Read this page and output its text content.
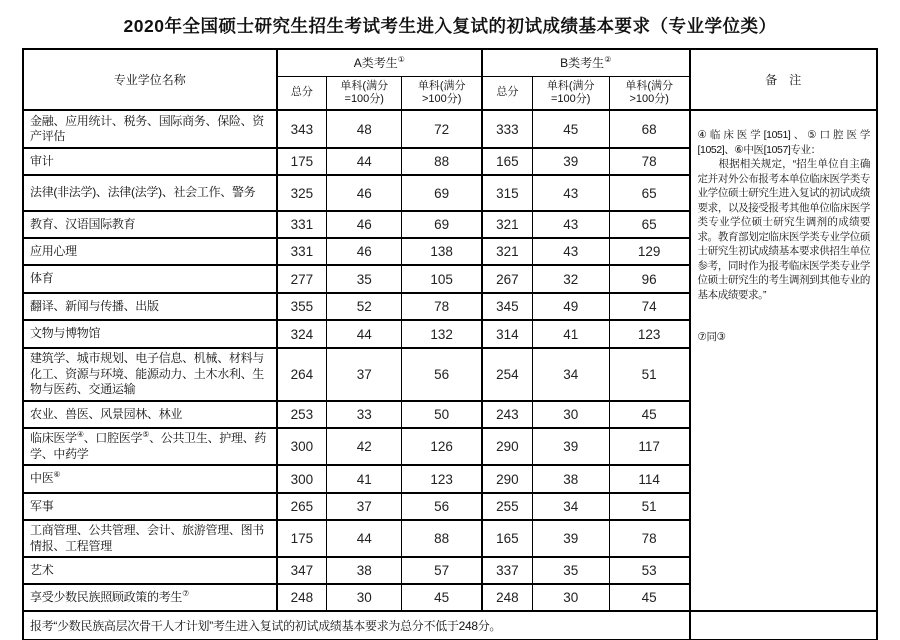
2020年全国硕士研究生招生考试考生进入复试的初试成绩基本要求（专业学位类）
专业学位名称	A类考生①			B类考生②			备　注
	总分	单科(满分=100分)	单科(满分>100分)	总分	单科(满分=100分)	单科(满分>100分)	
金融、应用统计、税务、国际商务、保险、资产评估	343	48	72	333	45	68	④临床医学[1051]、⑤口腔医学[1052]、⑥中医[1057]专业：

根据相关规定，“招生单位自主确定并对外公布报考本单位临床医学类专业学位硕士研究生进入复试的初试成绩要求，以及接受报考其他单位临床医学类专业学位硕士研究生调剂的成绩要求。教育部划定临床医学类专业学位硕士研究生初试成绩基本要求供招生单位参考，同时作为报考临床医学类专业学位硕士研究生的考生调剂到其他专业的基本成绩要求。”

⑦同③

审计	175	44	88	165	39	78	
法律(非法学)、法律(法学)、社会工作、警务	325	46	69	315	43	65	
教育、汉语国际教育	331	46	69	321	43	65	
应用心理	331	46	138	321	43	129	
体育	277	35	105	267	32	96	
翻译、新闻与传播、出版	355	52	78	345	49	74	
文物与博物馆	324	44	132	314	41	123	
建筑学、城市规划、电子信息、机械、材料与化工、资源与环境、能源动力、土木水利、生物与医药、交通运输	264	37	56	254	34	51	
农业、兽医、风景园林、林业	253	33	50	243	30	45	
临床医学④、口腔医学⑤、公共卫生、护理、药学、中药学	300	42	126	290	39	117	
中医⑥	300	41	123	290	38	114	
军事	265	37	56	255	34	51	
工商管理、公共管理、会计、旅游管理、图书情报、工程管理	175	44	88	165	39	78	
艺术	347	38	57	337	35	53	
享受少数民族照顾政策的考生⑦	248	30	45	248	30	45	
报考“少数民族高层次骨干人才计划”考生进入复试的初试成绩基本要求为总分不低于248分。							
